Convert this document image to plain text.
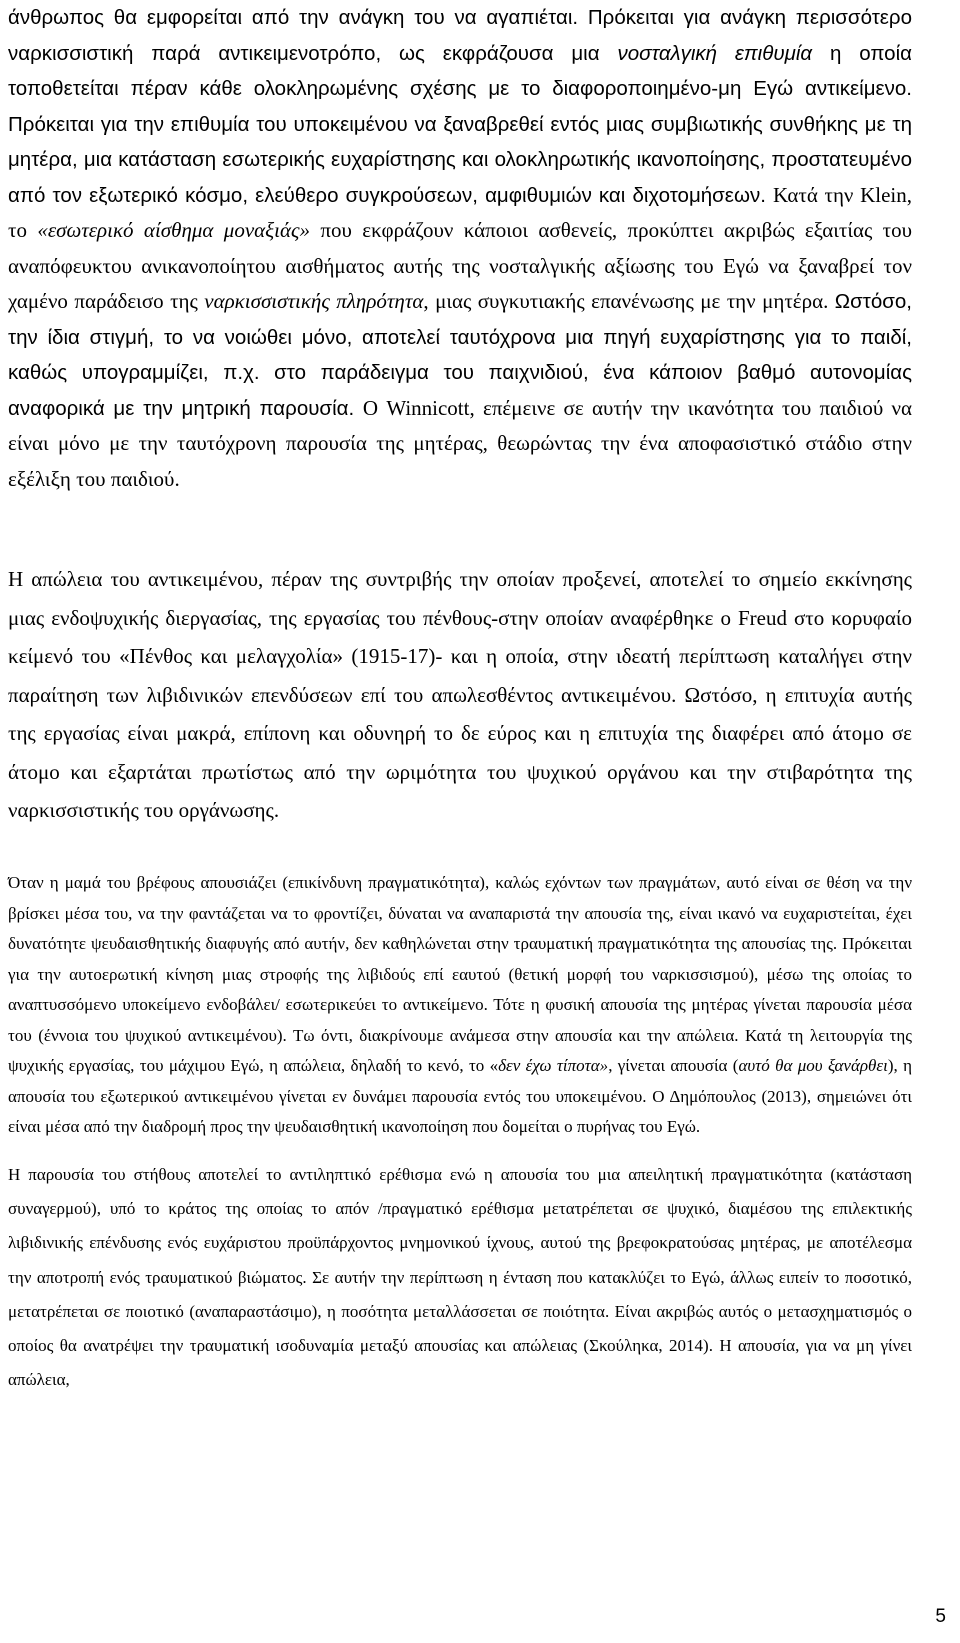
άνθρωπος θα εμφορείται από την ανάγκη του να αγαπιέται. Πρόκειται για ανάγκη περισσότερο ναρκισσιστική παρά αντικειμενοτρόπο, ως εκφράζουσα μια νοσταλγική επιθυμία η οποία τοποθετείται πέραν κάθε ολοκληρωμένης σχέσης με το διαφοροποιημένο-μη Εγώ αντικείμενο. Πρόκειται για την επιθυμία του υποκειμένου να ξαναβρεθεί εντός μιας συμβιωτικής συνθήκης με τη μητέρα, μια κατάσταση εσωτερικής ευχαρίστησης και ολοκληρωτικής ικανοποίησης, προστατευμένο από τον εξωτερικό κόσμο, ελεύθερο συγκρούσεων, αμφιθυμιών και διχοτομήσεων. Κατά την Klein, το «εσωτερικό αίσθημα μοναξιάς» που εκφράζουν κάποιοι ασθενείς, προκύπτει ακριβώς εξαιτίας του αναπόφευκτου ανικανοποίητου αισθήματος αυτής της νοσταλγικής αξίωσης του Εγώ να ξαναβρεί τον χαμένο παράδεισο της ναρκισσιστικής πληρότητα, μιας συγκυτιακής επανένωσης με την μητέρα. Ωστόσο, την ίδια στιγμή, το να νοιώθει μόνο, αποτελεί ταυτόχρονα μια πηγή ευχαρίστησης για το παιδί, καθώς υπογραμμίζει, π.χ. στο παράδειγμα του παιχνιδιού, ένα κάποιον βαθμό αυτονομίας αναφορικά με την μητρική παρουσία. Ο Winnicott, επέμεινε σε αυτήν την ικανότητα του παιδιού να είναι μόνο με την ταυτόχρονη παρουσία της μητέρας, θεωρώντας την ένα αποφασιστικό στάδιο στην εξέλιξη του παιδιού.
Η απώλεια του αντικειμένου, πέραν της συντριβής την οποίαν προξενεί, αποτελεί το σημείο εκκίνησης μιας ενδοψυχικής διεργασίας, της εργασίας του πένθους-στην οποίαν αναφέρθηκε ο Freud στο κορυφαίο κείμενό του «Πένθος και μελαγχολία» (1915-17)- και η οποία, στην ιδεατή περίπτωση καταλήγει στην παραίτηση των λιβιδινικών επενδύσεων επί του απωλεσθέντος αντικειμένου. Ωστόσο, η επιτυχία αυτής της εργασίας είναι μακρά, επίπονη και οδυνηρή το δε εύρος και η επιτυχία της διαφέρει από άτομο σε άτομο και εξαρτάται πρωτίστως από την ωριμότητα του ψυχικού οργάνου και την στιβαρότητα της ναρκισσιστικής του οργάνωσης.
Όταν η μαμά του βρέφους απουσιάζει (επικίνδυνη πραγματικότητα), καλώς εχόντων των πραγμάτων, αυτό είναι σε θέση να την βρίσκει μέσα του, να την φαντάζεται να το φροντίζει, δύναται να αναπαριστά την απουσία της, είναι ικανό να ευχαριστείται, έχει δυνατότητε ψευδαισθητικής διαφυγής από αυτήν, δεν καθηλώνεται στην τραυματική πραγματικότητα της απουσίας της. Πρόκειται για την αυτοερωτική κίνηση μιας στροφής της λιβιδούς επί εαυτού (θετική μορφή του ναρκισσισμού), μέσω της οποίας το αναπτυσσόμενο υποκείμενο ενδοβάλει/ εσωτερικεύει το αντικείμενο. Τότε η φυσική απουσία της μητέρας γίνεται παρουσία μέσα του (έννοια του ψυχικού αντικειμένου). Τω όντι, διακρίνουμε ανάμεσα στην απουσία και την απώλεια. Κατά τη λειτουργία της ψυχικής εργασίας, του μάχιμου Εγώ, η απώλεια, δηλαδή το κενό, το «δεν έχω τίποτα», γίνεται απουσία (αυτό θα μου ξανάρθει), η απουσία του εξωτερικού αντικειμένου γίνεται εν δυνάμει παρουσία εντός του υποκειμένου. Ο Δημόπουλος (2013), σημειώνει ότι είναι μέσα από την διαδρομή προς την ψευδαισθητική ικανοποίηση που δομείται ο πυρήνας του Εγώ.
Η παρουσία του στήθους αποτελεί το αντιληπτικό ερέθισμα ενώ η απουσία του μια απειλητική πραγματικότητα (κατάσταση συναγερμού), υπό το κράτος της οποίας το απόν /πραγματικό ερέθισμα μετατρέπεται σε ψυχικό, διαμέσου της επιλεκτικής λιβιδινικής επένδυσης ενός ευχάριστου προϋπάρχοντος μνημονικού ίχνους, αυτού της βρεφοκρατούσας μητέρας, με αποτέλεσμα την αποτροπή ενός τραυματικού βιώματος. Σε αυτήν την περίπτωση η ένταση που κατακλύζει το Εγώ, άλλως ειπείν το ποσοτικό, μετατρέπεται σε ποιοτικό (αναπαραστάσιμο), η ποσότητα μεταλλάσσεται σε ποιότητα. Είναι ακριβώς αυτός ο μετασχηματισμός ο οποίος θα ανατρέψει την τραυματική ισοδυναμία μεταξύ απουσίας και απώλειας (Σκούληκα, 2014). Η απουσία, για να μη γίνει απώλεια,
5
